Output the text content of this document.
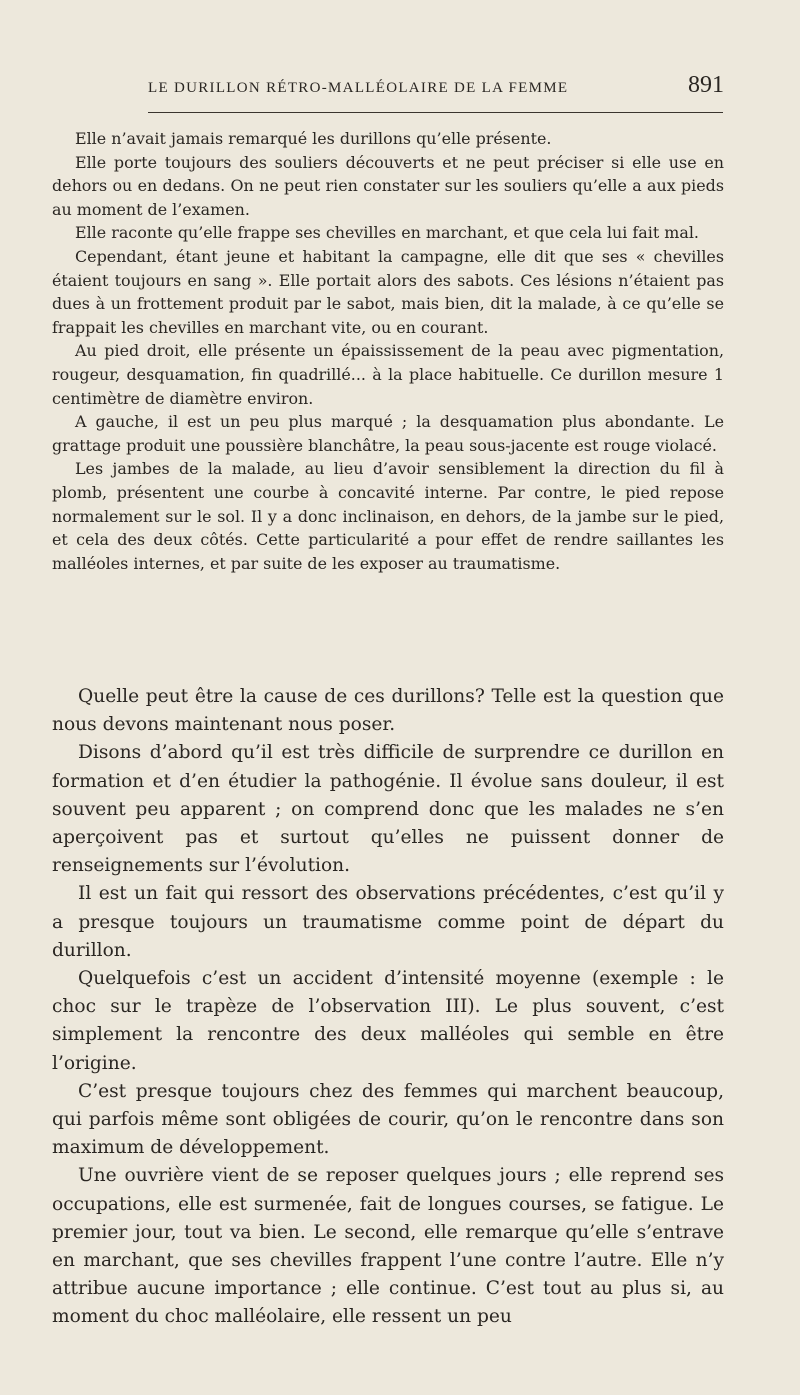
LE DURILLON RÉTRO-MALLÉOLAIRE DE LA FEMME	891

Elle n’avait jamais remarqué les durillons qu’elle présente.

Elle porte toujours des souliers découverts et ne peut préciser si elle use en dehors ou en dedans. On ne peut rien constater sur les souliers qu’elle a aux pieds au moment de l’examen.

Elle raconte qu’elle frappe ses chevilles en marchant, et que cela lui fait mal.

Cependant, étant jeune et habitant la campagne, elle dit que ses « chevilles étaient toujours en sang ». Elle portait alors des sabots. Ces lésions n’étaient pas dues à un frottement produit par le sabot, mais bien, dit la malade, à ce qu’elle se frappait les chevilles en marchant vite, ou en courant.

Au pied droit, elle présente un épaississement de la peau avec pigmentation, rougeur, desquamation, fin quadrillé... à la place habituelle. Ce durillon mesure 1 centimètre de diamètre environ.

A gauche, il est un peu plus marqué ; la desquamation plus abondante. Le grattage produit une poussière blanchâtre, la peau sous-jacente est rouge violacé.

Les jambes de la malade, au lieu d’avoir sensiblement la direction du fil à plomb, présentent une courbe à concavité interne. Par contre, le pied repose normalement sur le sol. Il y a donc inclinaison, en dehors, de la jambe sur le pied, et cela des deux côtés. Cette particularité a pour effet de rendre saillantes les malléoles internes, et par suite de les exposer au traumatisme.

Quelle peut être la cause de ces durillons? Telle est la question que nous devons maintenant nous poser.

Disons d’abord qu’il est très difficile de surprendre ce durillon en formation et d’en étudier la pathogénie. Il évolue sans douleur, il est souvent peu apparent ; on comprend donc que les malades ne s’en aperçoivent pas et surtout qu’elles ne puissent donner de renseignements sur l’évolution.

Il est un fait qui ressort des observations précédentes, c’est qu’il y a presque toujours un traumatisme comme point de départ du durillon.

Quelquefois c’est un accident d’intensité moyenne (exemple : le choc sur le trapèze de l’observation III). Le plus souvent, c’est simplement la rencontre des deux malléoles qui semble en être l’origine.

C’est presque toujours chez des femmes qui marchent beaucoup, qui parfois même sont obligées de courir, qu’on le rencontre dans son maximum de développement.

Une ouvrière vient de se reposer quelques jours ; elle reprend ses occupations, elle est surmenée, fait de longues courses, se fatigue. Le premier jour, tout va bien. Le second, elle remarque qu’elle s’entrave en marchant, que ses chevilles frappent l’une contre l’autre. Elle n’y attribue aucune importance ; elle continue. C’est tout au plus si, au moment du choc malléolaire, elle ressent un peu
